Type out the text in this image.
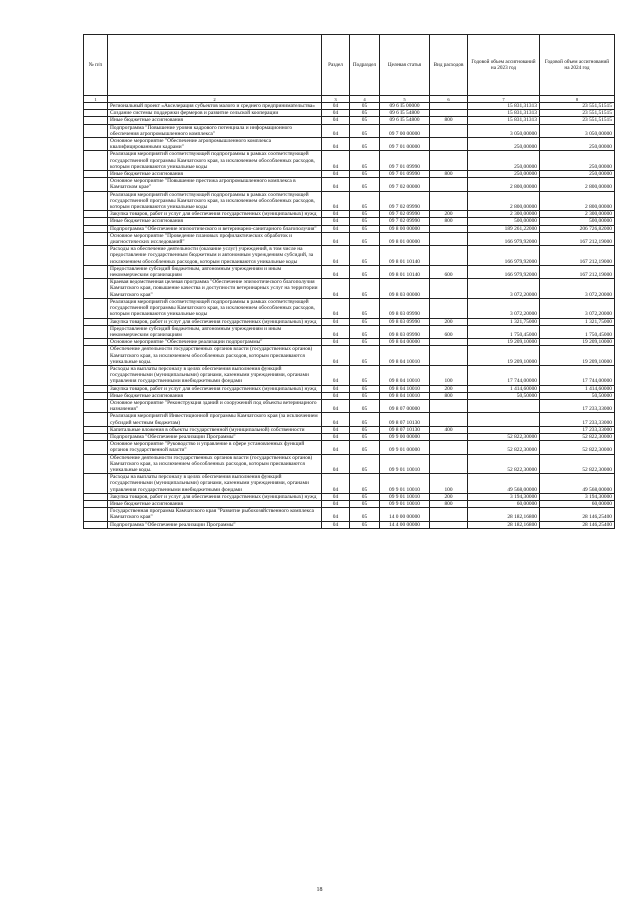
№ п/п		Раздел	Подраздел	Целевая статья	Вид расходов	Годовой объем ассигнований на 2023 год	Годовой объем ассигнований на 2024 год
1	2	3	4	5	6	7	8
	Региональный проект «Акселерация субъектов малого и среднего предпринимательства»	04	05	09 6 I5 00000		15 831,31313	23 551,51515
	Создание системы поддержки фермеров и развитие сельской кооперации	04	05	09 6 I5 54800		15 831,31313	23 551,51515
	Иные бюджетные ассигнования	04	05	09 6 I5 54800	800	15 831,31313	23 551,51515
	Подпрограмма "Повышение уровня кадрового потенциала и информационного обеспечения агропромышленного комплекса"	04	05	09 7 00 00000		3 050,00000	3 050,00000
	Основное мероприятие "Обеспечение агропромышленного комплекса квалифицированными кадрами"	04	05	09 7 01 00000		250,00000	250,00000
	Реализация мероприятий соответствующей подпрограммы в рамках соответствующей государственной программы Камчатского края, за исключением обособленных расходов, которым присваиваются уникальные коды	04	05	09 7 01 09990		250,00000	250,00000
	Иные бюджетные ассигнования	04	05	09 7 01 09990	800	250,00000	250,00000
	Основное мероприятие "Повышение престижа агропромышленного комплекса в Камчатском крае"	04	05	09 7 02 00000		2 800,00000	2 800,00000
	Реализация мероприятий соответствующей подпрограммы в рамках соответствующей государственной программы Камчатского края, за исключением обособленных расходов, которым присваиваются уникальные коды	04	05	09 7 02 09990		2 800,00000	2 800,00000
	Закупка товаров, работ и услуг для обеспечения государственных (муниципальных) нужд	04	05	09 7 02 09990	200	2 300,00000	2 300,00000
	Иные бюджетные ассигнования	04	05	09 7 02 09990	800	500,00000	500,00000
	Подпрограмма "Обеспечение эпизоотического и ветеринарно-санитарного благополучия"	04	05	09 8 00 00000		189 261,22000	206 726,82000
	Основное мероприятие "Проведение плановых профилактических обработок и диагностических исследований"	04	05	09 8 01 00000		166 979,92000	167 212,19000
	Расходы на обеспечение деятельности (оказание услуг) учреждений, в том числе на предоставление государственным бюджетным и автономным учреждениям субсидий, за исключением обособленных расходов, которым присваиваются уникальные коды	04	05	09 8 01 10140		166 979,92000	167 212,19000
	Предоставление субсидий бюджетным, автономным учреждениям и иным некоммерческим организациям	04	05	09 8 01 10140	600	166 979,92000	167 212,19000
	Краевая ведомственная целевая программа "Обеспечение эпизоотического благополучия Камчатского края, повышение качества и доступности ветеринарных услуг на территории Камчатского края"	04	05	09 8 03 00000		3 072,20000	3 072,20000
	Реализация мероприятий соответствующей подпрограммы в рамках соответствующей государственной программы Камчатского края, за исключением обособленных расходов, которым присваиваются уникальные коды	04	05	09 8 03 09990		3 072,20000	3 072,20000
	Закупка товаров, работ и услуг для обеспечения государственных (муниципальных) нужд	04	05	09 8 03 09990	200	1 321,75000	1 321,75000
	Предоставление субсидий бюджетным, автономным учреждениям и иным некоммерческим организациям	04	05	09 8 03 09990	600	1 750,45000	1 750,45000
	Основное мероприятие "Обеспечение реализации подпрограммы"	04	05	09 8 04 00000		19 209,10000	19 209,10000
	Обеспечение деятельности государственных органов власти (государственных органов) Камчатского края, за исключением обособленных расходов, которым присваиваются уникальные коды.	04	05	09 8 04 10010		19 209,10000	19 209,10000
	Расходы на выплаты персоналу в целях обеспечения выполнения функций государственными (муниципальными) органами, казенными учреждениями, органами управления государственными внебюджетными фондами	04	05	09 8 04 10010	100	17 744,00000	17 744,00000
	Закупка товаров, работ и услуг для обеспечения государственных (муниципальных) нужд	04	05	09 8 04 10010	200	1 414,60000	1 414,60000
	Иные бюджетные ассигнования	04	05	09 8 04 10010	800	50,50000	50,50000
	Основное мероприятие "Реконструкция зданий и сооружений под объекты ветеринарного назначения"	04	05	09 8 07 00000			17 233,33000
	Реализация мероприятий Инвестиционной программы Камчатского края (за исключением субсидий местным бюджетам)	04	05	09 8 07 10130			17 233,33000
	Капитальные вложения в объекты государственной (муниципальной) собственности	04	05	09 8 07 10130	400		17 233,33000
	Подпрограмма "Обеспечение реализации Программы"	04	05	09 9 00 00000		52 822,30000	52 822,30000
	Основное мероприятие "Руководство и управление в сфере установленных функций органов государственной власти"	04	05	09 9 01 00000		52 822,30000	52 822,30000
	Обеспечение деятельности государственных органов власти (государственных органов) Камчатского края, за исключением обособленных расходов, которым присваиваются уникальные коды.	04	05	09 9 01 10010		52 822,30000	52 822,30000
	Расходы на выплаты персоналу в целях обеспечения выполнения функций государственными (муниципальными) органами, казенными учреждениями, органами управления государственными внебюджетными фондами	04	05	09 9 01 10010	100	49 568,00000	49 568,00000
	Закупка товаров, работ и услуг для обеспечения государственных (муниципальных) нужд	04	05	09 9 01 10010	200	3 194,30000	3 194,30000
	Иные бюджетные ассигнования	04	05	09 9 01 10010	800	60,00000	60,00000
	Государственная программа Камчатского края "Развитие рыбохозяйственного комплекса Камчатского края"	04	05	14 0 00 00000		28 182,16800	28 146,25400
	Подпрограмма "Обеспечение реализации Программы"	04	05	14 4 00 00000		28 182,16800	28 146,25400
18
